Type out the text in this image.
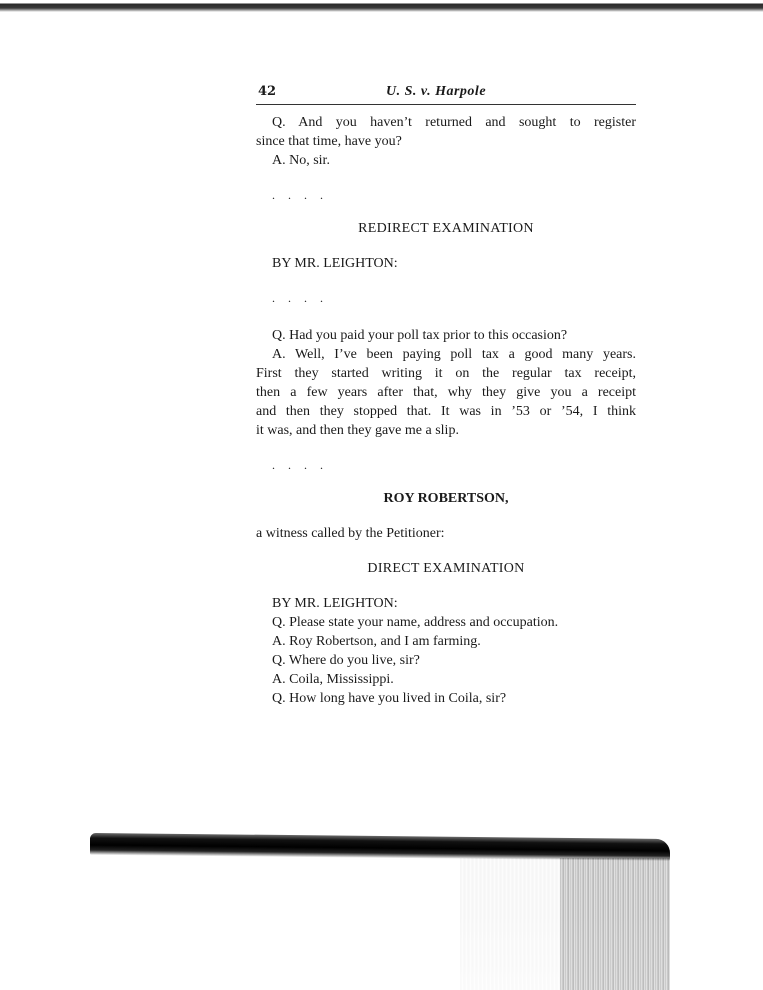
42	U. S. v. Harpole

Q. And you haven’t returned and sought to register

since that time, have you?

A. No, sir.

. . . .

REDIRECT EXAMINATION

BY MR. LEIGHTON:

. . . .

Q. Had you paid your poll tax prior to this occasion?

A. Well, I’ve been paying poll tax a good many years.

First they started writing it on the regular tax receipt,

then a few years after that, why they give you a receipt

and then they stopped that. It was in ’53 or ’54, I think

it was, and then they gave me a slip.

. . . .

ROY ROBERTSON,

a witness called by the Petitioner:

DIRECT EXAMINATION

BY MR. LEIGHTON:

Q. Please state your name, address and occupation.

A. Roy Robertson, and I am farming.

Q. Where do you live, sir?

A. Coila, Mississippi.

Q. How long have you lived in Coila, sir?
